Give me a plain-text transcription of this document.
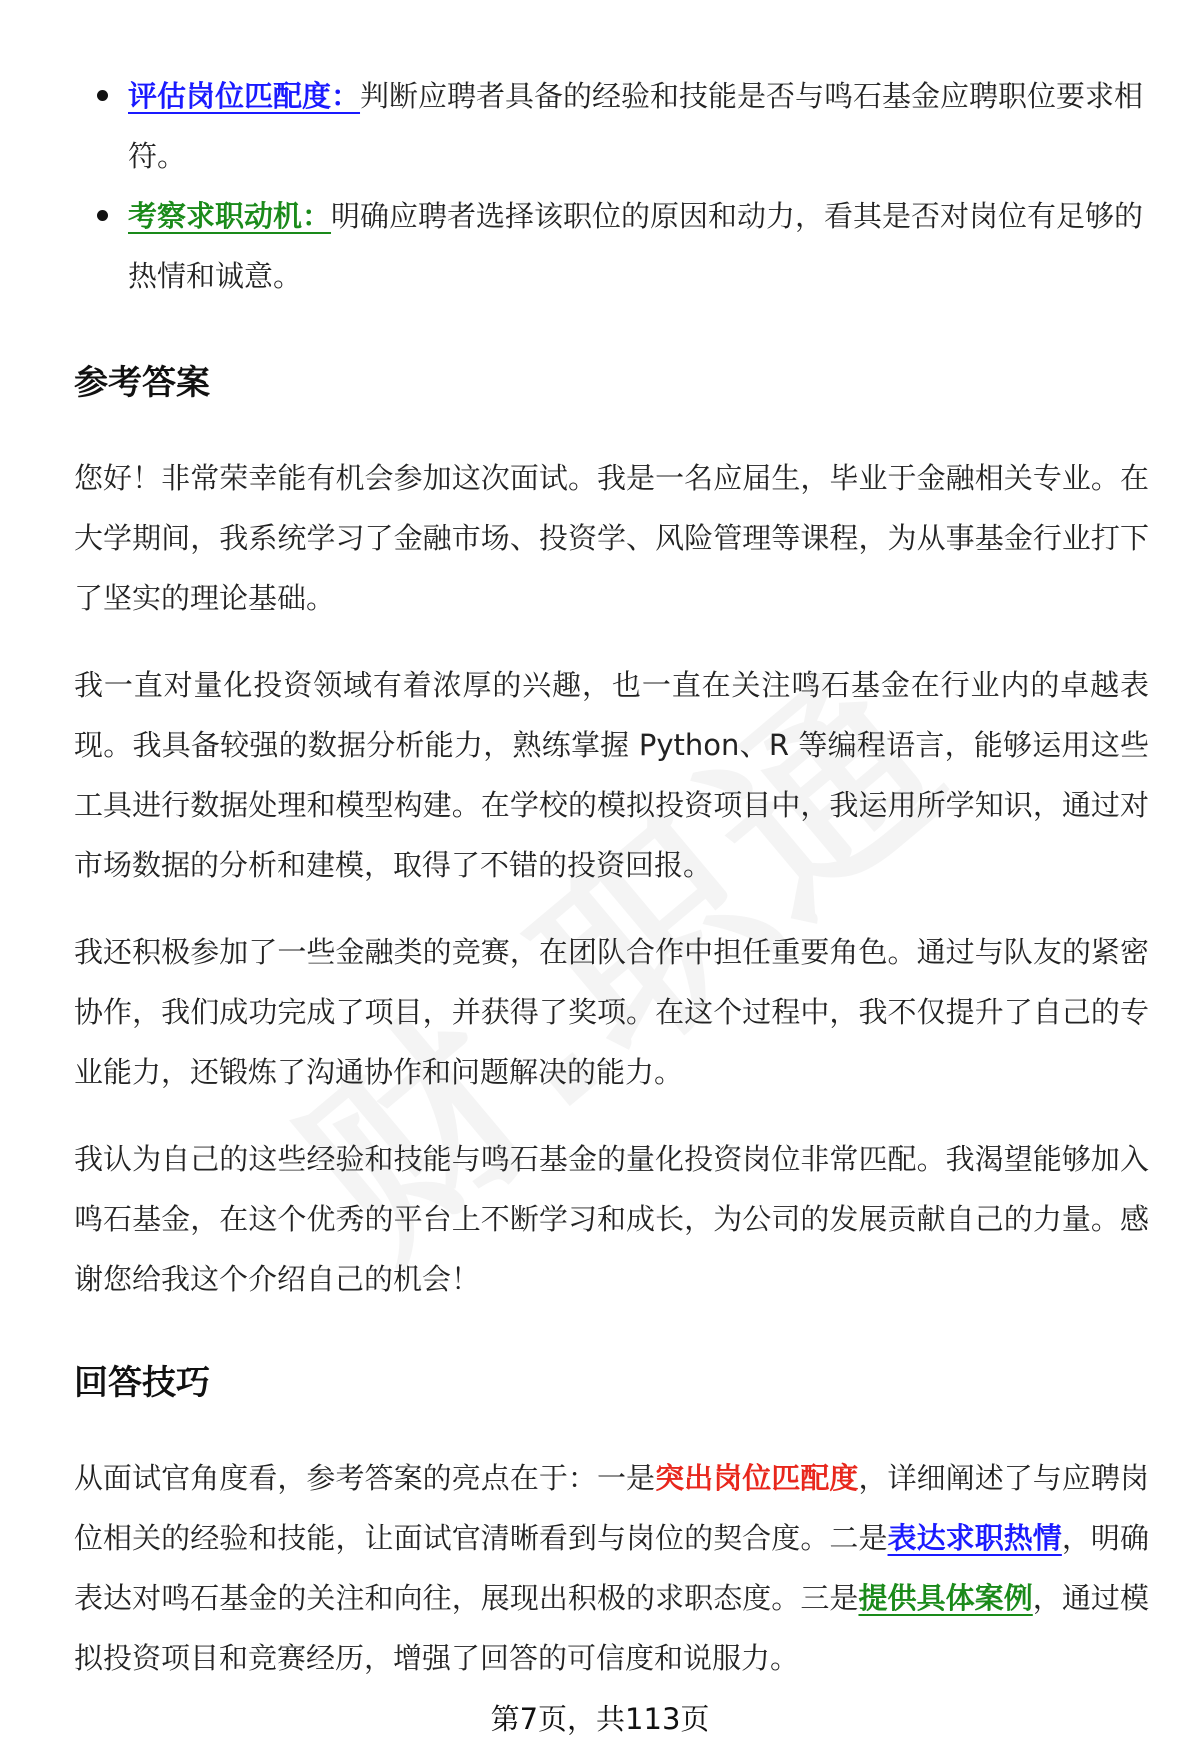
评估岗位匹配度：判断应聘者具备的经验和技能是否与鸣石基金应聘职位要求相符。
考察求职动机：明确应聘者选择该职位的原因和动力，看其是否对岗位有足够的热情和诚意。
参考答案

您好！非常荣幸能有机会参加这次面试。我是一名应届生，毕业于金融相关专业。在大学期间，我系统学习了金融市场、投资学、风险管理等课程，为从事基金行业打下了坚实的理论基础。

我一直对量化投资领域有着浓厚的兴趣，也一直在关注鸣石基金在行业内的卓越表现。我具备较强的数据分析能力，熟练掌握 Python、R 等编程语言，能够运用这些工具进行数据处理和模型构建。在学校的模拟投资项目中，我运用所学知识，通过对市场数据的分析和建模，取得了不错的投资回报。

我还积极参加了一些金融类的竞赛，在团队合作中担任重要角色。通过与队友的紧密协作，我们成功完成了项目，并获得了奖项。在这个过程中，我不仅提升了自己的专业能力，还锻炼了沟通协作和问题解决的能力。

我认为自己的这些经验和技能与鸣石基金的量化投资岗位非常匹配。我渴望能够加入鸣石基金，在这个优秀的平台上不断学习和成长，为公司的发展贡献自己的力量。感谢您给我这个介绍自己的机会！

回答技巧

从面试官角度看，参考答案的亮点在于：一是突出岗位匹配度，详细阐述了与应聘岗位相关的经验和技能，让面试官清晰看到与岗位的契合度。二是表达求职热情，明确表达对鸣石基金的关注和向往，展现出积极的求职态度。三是提供具体案例，通过模拟投资项目和竞赛经历，增强了回答的可信度和说服力。

第7页，共113页
